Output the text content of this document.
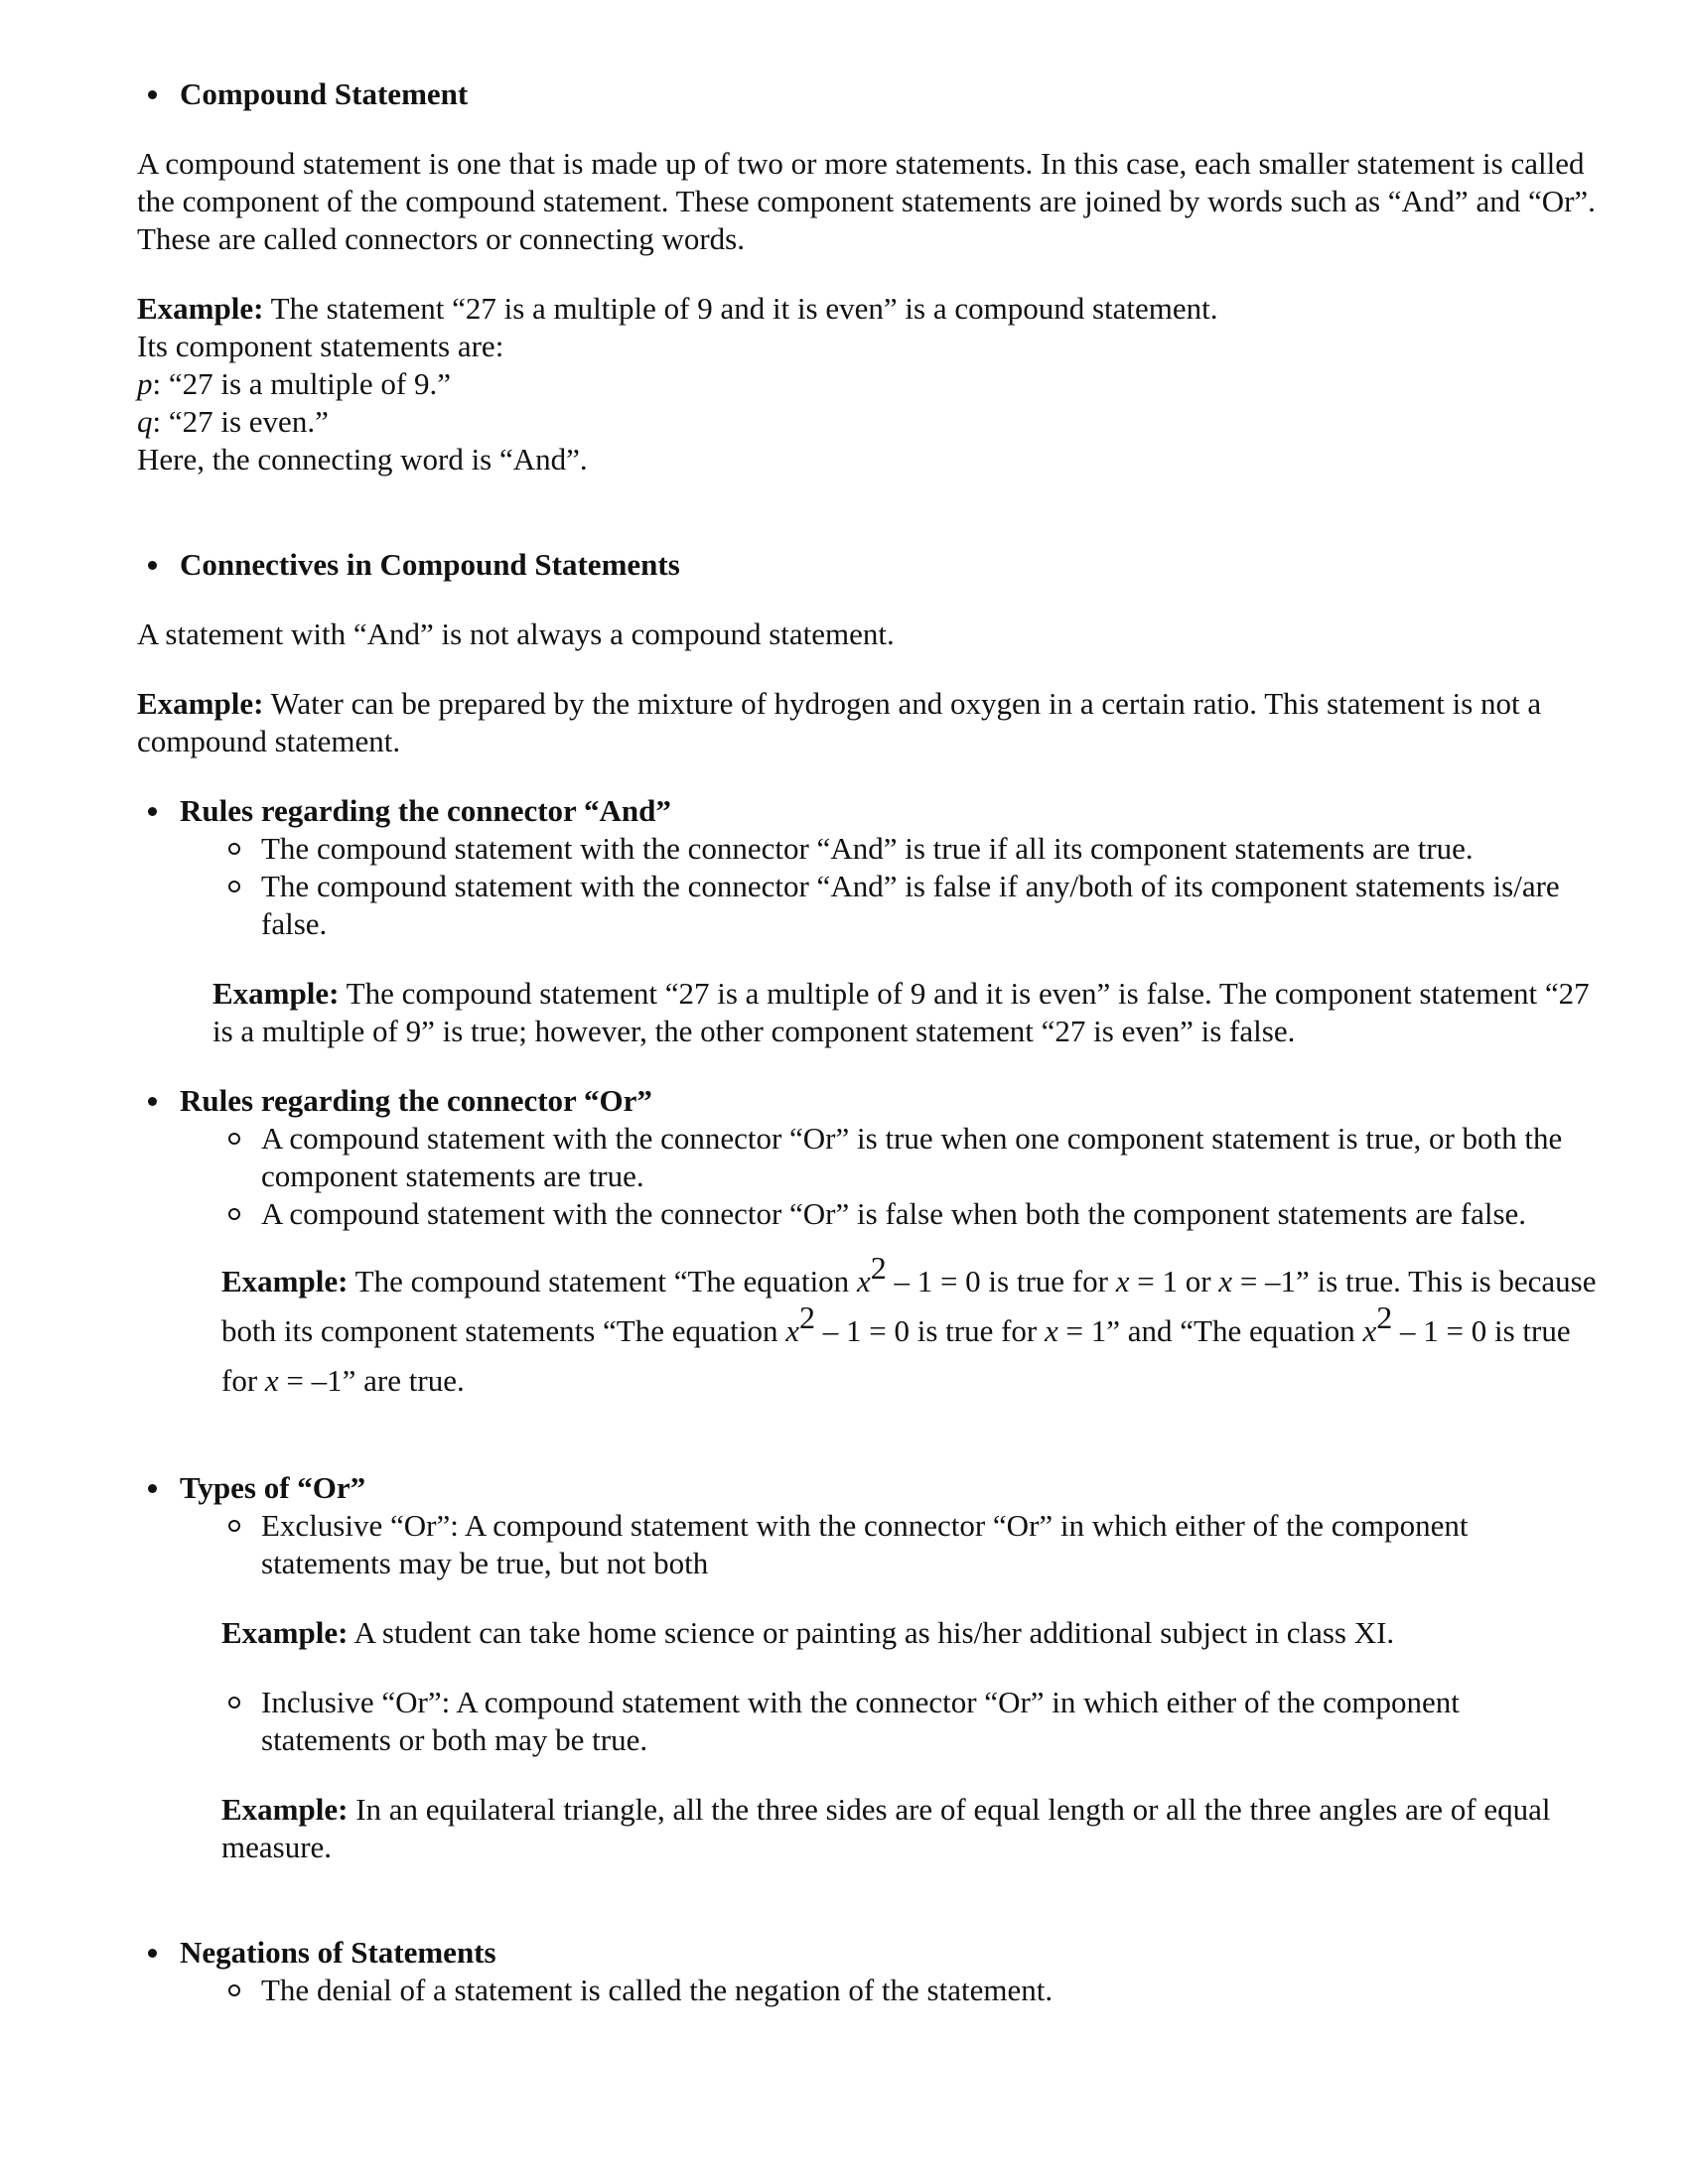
Compound Statement

A compound statement is one that is made up of two or more statements. In this case, each smaller statement is called the component of the compound statement. These component statements are joined by words such as “And” and “Or”. These are called connectors or connecting words.

Example: The statement “27 is a multiple of 9 and it is even” is a compound statement.

Its component statements are:

p: “27 is a multiple of 9.”

q: “27 is even.”

Here, the connecting word is “And”.

Connectives in Compound Statements

A statement with “And” is not always a compound statement.

Example: Water can be prepared by the mixture of hydrogen and oxygen in a certain ratio. This statement is not a compound statement.

Rules regarding the connector “And”
The compound statement with the connector “And” is true if all its component statements are true.
The compound statement with the connector “And” is false if any/both of its component statements is/are false.

Example: The compound statement “27 is a multiple of 9 and it is even” is false. The component statement “27 is a multiple of 9” is true; however, the other component statement “27 is even” is false.

Rules regarding the connector “Or”
A compound statement with the connector “Or” is true when one component statement is true, or both the component statements are true.
A compound statement with the connector “Or” is false when both the component statements are false.

Example: The compound statement “The equation $x^2 - 1 = 0$ is true for x = 1 or x = –1” is true. This is because both its component statements “The equation $x^2 - 1 = 0$ is true for x = 1” and “The equation $x^2 - 1 = 0$ is true for x = –1” are true.

Types of “Or”
Exclusive “Or”: A compound statement with the connector “Or” in which either of the component statements may be true, but not both

Example: A student can take home science or painting as his/her additional subject in class XI.

Inclusive “Or”: A compound statement with the connector “Or” in which either of the component statements or both may be true.

Example: In an equilateral triangle, all the three sides are of equal length or all the three angles are of equal measure.

Negations of Statements
The denial of a statement is called the negation of the statement.
